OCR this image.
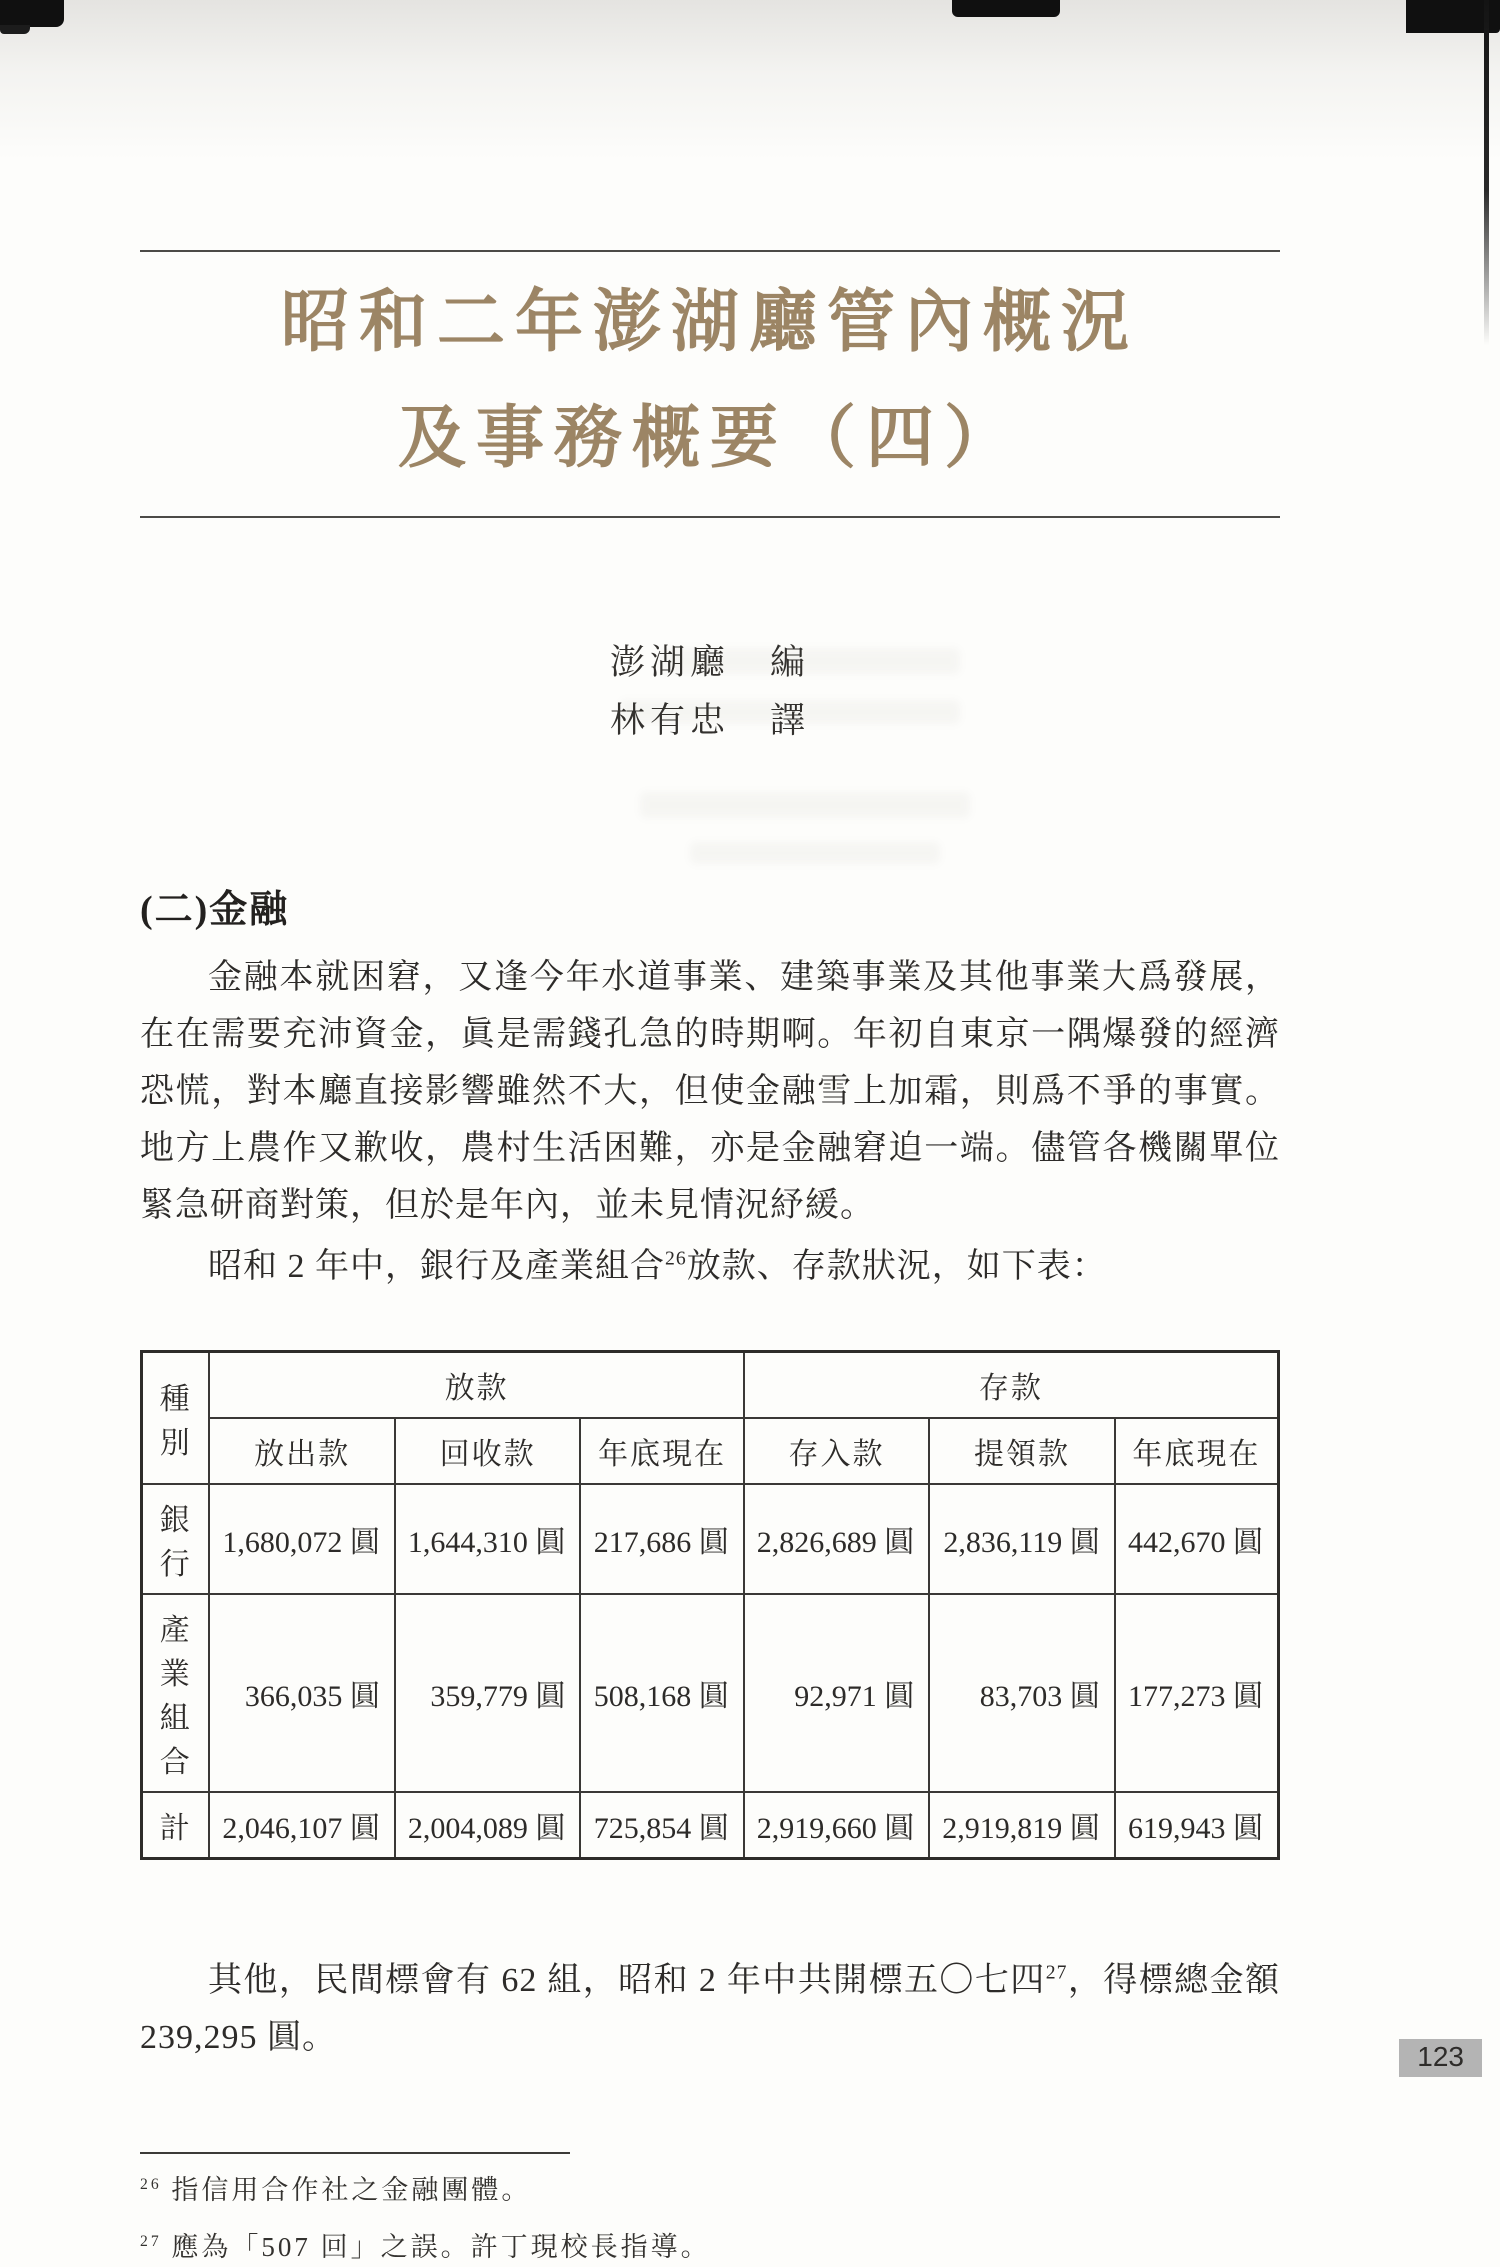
昭和二年澎湖廳管內概況
及事務概要（四）
澎湖廳　編
林有忠　譯
(二)金融

金融本就困窘，又逢今年水道事業、建築事業及其他事業大爲發展，在在需要充沛資金，眞是需錢孔急的時期啊。年初自東京一隅爆發的經濟恐慌，對本廳直接影響雖然不大，但使金融雪上加霜，則爲不爭的事實。地方上農作又歉收，農村生活困難，亦是金融窘迫一端。儘管各機關單位緊急研商對策，但於是年內，並未見情況紓緩。

昭和 2 年中，銀行及產業組合$^{26}$放款、存款狀況，如下表：

種別	放款			存款		
	放出款	回收款	年底現在	存入款	提領款	年底現在
銀行	1,680,072 圓	1,644,310 圓	217,686 圓	2,826,689 圓	2,836,119 圓	442,670 圓
產業組合	366,035 圓	359,779 圓	508,168 圓	92,971 圓	83,703 圓	177,273 圓
計	2,046,107 圓	2,004,089 圓	725,854 圓	2,919,660 圓	2,919,819 圓	619,943 圓

其他，民間標會有 62 組，昭和 2 年中共開標五〇七四$^{27}$，得標總金額 239,295 圓。

$^{26}$ 指信用合作社之金融團體。
$^{27}$ 應為「507 回」之誤。許丁現校長指導。
123
